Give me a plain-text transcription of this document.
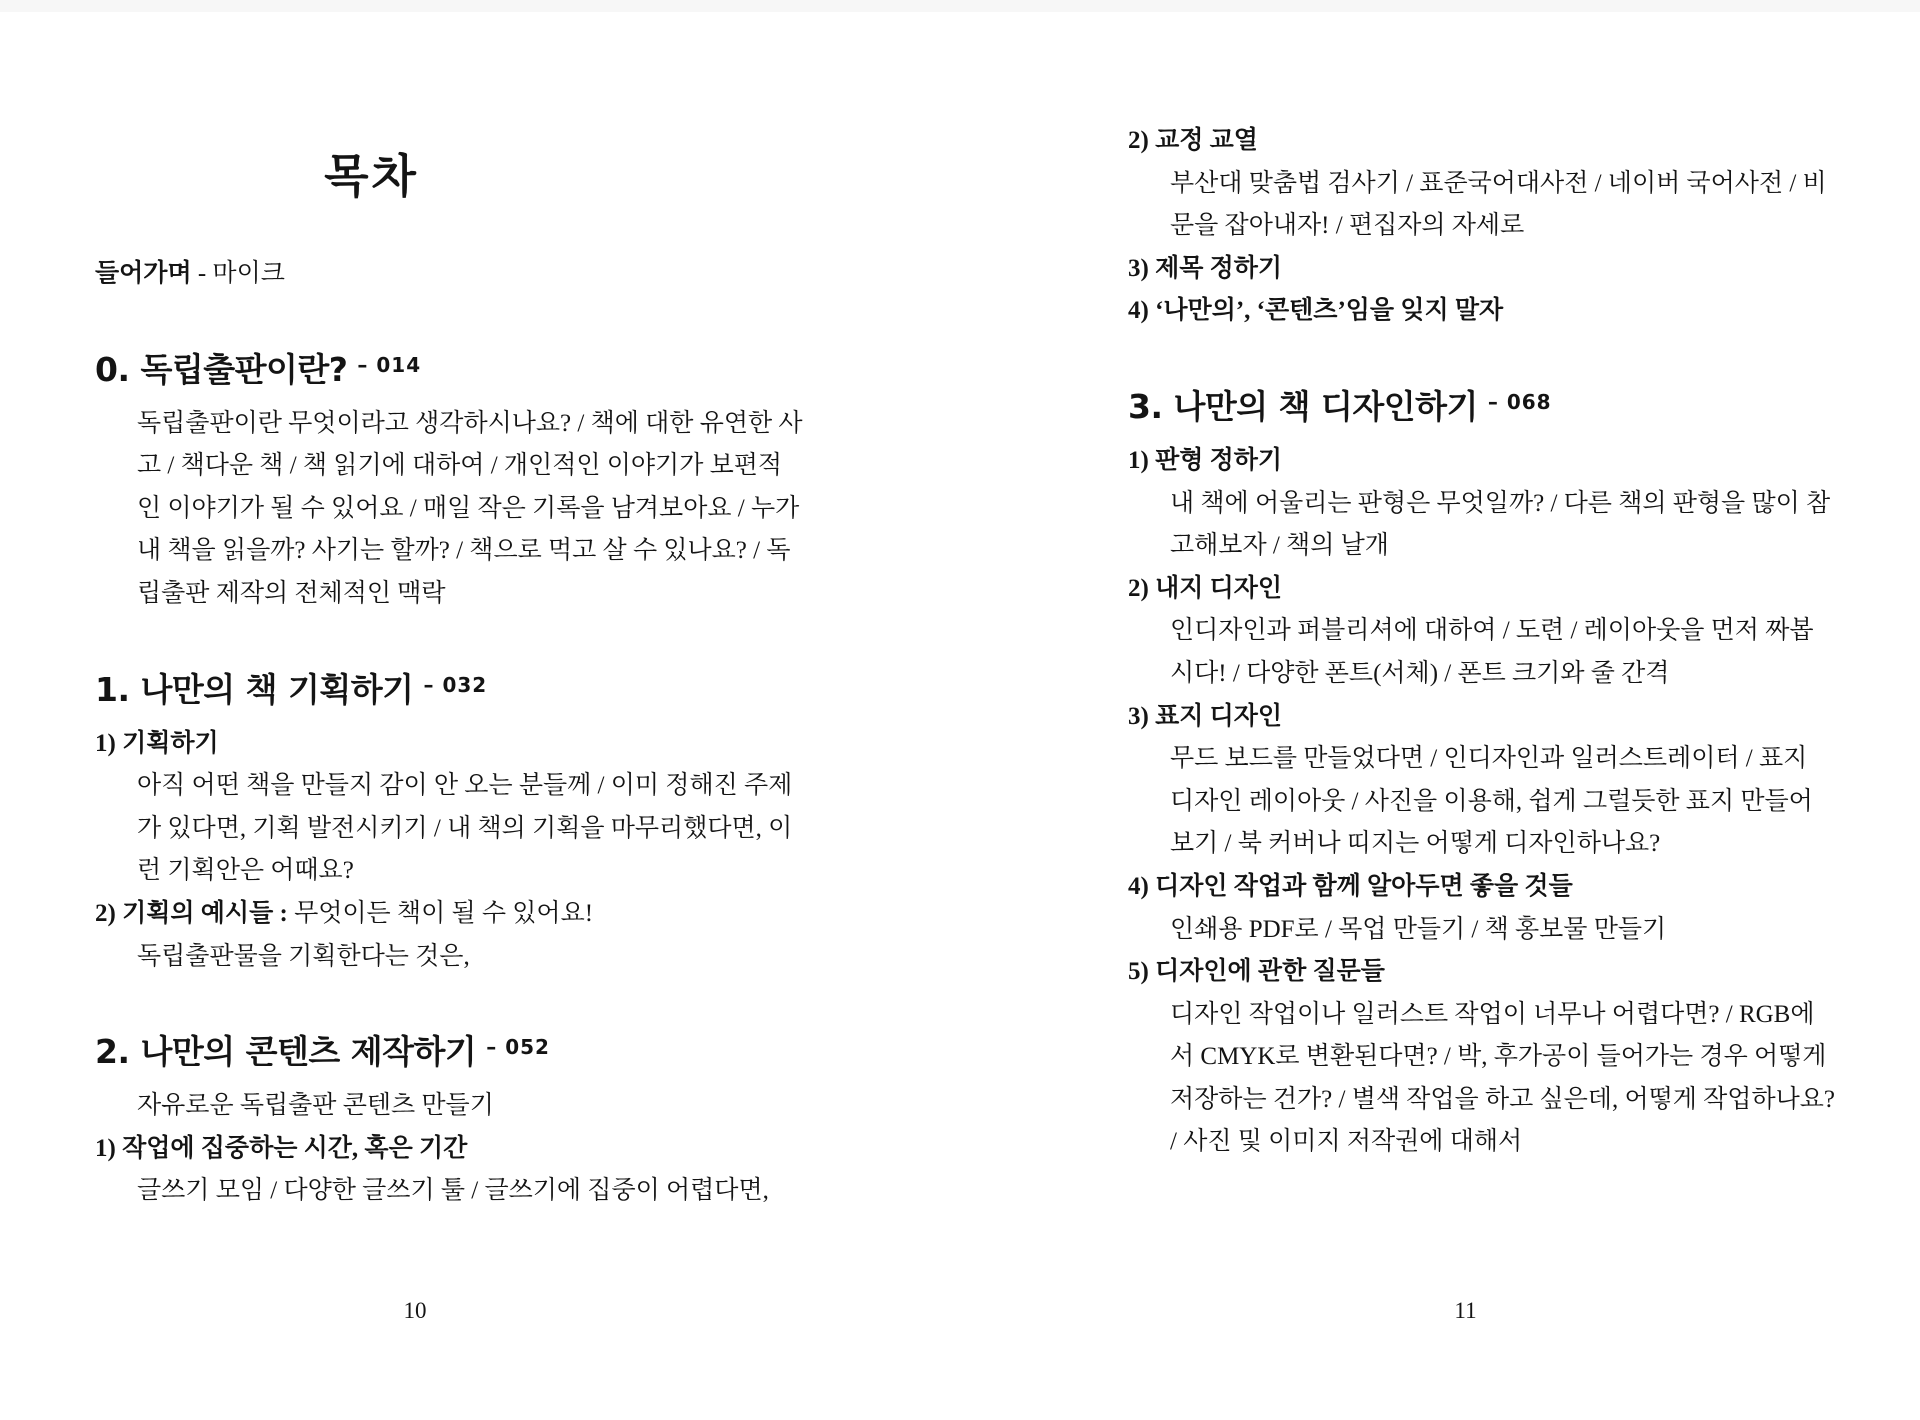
목차
들어가며 - 마이크
0. 독립출판이란? $^{- 014}$
독립출판이란 무엇이라고 생각하시나요? / 책에 대한 유연한 사
고 / 책다운 책 / 책 읽기에 대하여 / 개인적인 이야기가 보편적
인 이야기가 될 수 있어요 / 매일 작은 기록을 남겨보아요 / 누가
내 책을 읽을까? 사기는 할까? / 책으로 먹고 살 수 있나요? / 독
립출판 제작의 전체적인 맥락
1. 나만의 책 기획하기 $^{- 032}$
1) 기획하기
아직 어떤 책을 만들지 감이 안 오는 분들께 / 이미 정해진 주제
가 있다면, 기획 발전시키기 / 내 책의 기획을 마무리했다면, 이
런 기획안은 어때요?
2) 기획의 예시들 : 무엇이든 책이 될 수 있어요!
독립출판물을 기획한다는 것은,
2. 나만의 콘텐츠 제작하기 $^{- 052}$
자유로운 독립출판 콘텐츠 만들기
1) 작업에 집중하는 시간, 혹은 기간
글쓰기 모임 / 다양한 글쓰기 툴 / 글쓰기에 집중이 어렵다면,
10
2) 교정 교열
부산대 맞춤법 검사기 / 표준국어대사전 / 네이버 국어사전 / 비
문을 잡아내자! / 편집자의 자세로
3) 제목 정하기
4) ‘나만의’, ‘콘텐츠’임을 잊지 말자
3. 나만의 책 디자인하기 $^{- 068}$
1) 판형 정하기
내 책에 어울리는 판형은 무엇일까? / 다른 책의 판형을 많이 참
고해보자 / 책의 날개
2) 내지 디자인
인디자인과 퍼블리셔에 대하여 / 도련 / 레이아웃을 먼저 짜봅
시다! / 다양한 폰트(서체) / 폰트 크기와 줄 간격
3) 표지 디자인
무드 보드를 만들었다면 / 인디자인과 일러스트레이터 / 표지
디자인 레이아웃 / 사진을 이용해, 쉽게 그럴듯한 표지 만들어
보기 / 북 커버나 띠지는 어떻게 디자인하나요?
4) 디자인 작업과 함께 알아두면 좋을 것들
인쇄용 PDF로 / 목업 만들기 / 책 홍보물 만들기
5) 디자인에 관한 질문들
디자인 작업이나 일러스트 작업이 너무나 어렵다면? / RGB에
서 CMYK로 변환된다면? / 박, 후가공이 들어가는 경우 어떻게
저장하는 건가? / 별색 작업을 하고 싶은데, 어떻게 작업하나요?
/ 사진 및 이미지 저작권에 대해서
11
